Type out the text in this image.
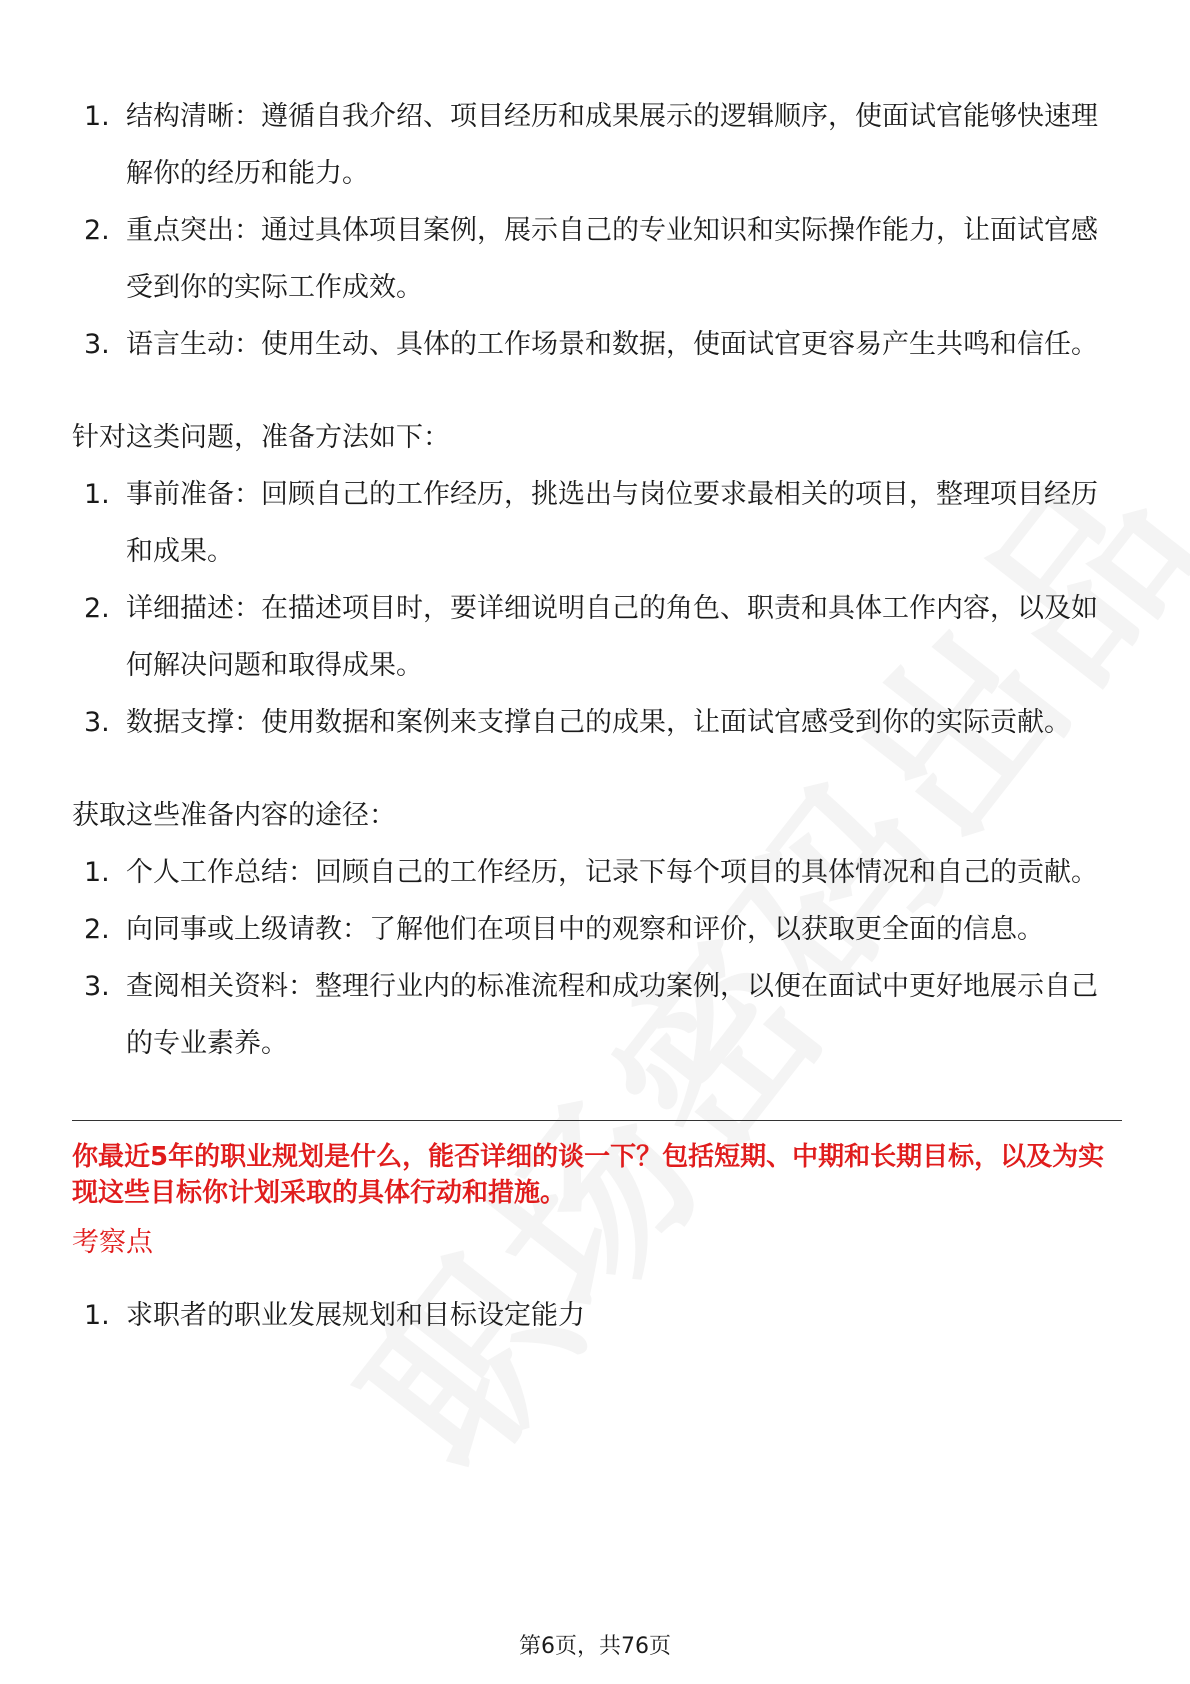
1. 结构清晰：遵循自我介绍、项目经历和成果展示的逻辑顺序，使面试官能够快速理解你的经历和能力。
2. 重点突出：通过具体项目案例，展示自己的专业知识和实际操作能力，让面试官感受到你的实际工作成效。
3. 语言生动：使用生动、具体的工作场景和数据，使面试官更容易产生共鸣和信任。
针对这类问题，准备方法如下：
1. 事前准备：回顾自己的工作经历，挑选出与岗位要求最相关的项目，整理项目经历和成果。
2. 详细描述：在描述项目时，要详细说明自己的角色、职责和具体工作内容，以及如何解决问题和取得成果。
3. 数据支撑：使用数据和案例来支撑自己的成果，让面试官感受到你的实际贡献。
获取这些准备内容的途径：
1. 个人工作总结：回顾自己的工作经历，记录下每个项目的具体情况和自己的贡献。
2. 向同事或上级请教：了解他们在项目中的观察和评价，以获取更全面的信息。
3. 查阅相关资料：整理行业内的标准流程和成功案例，以便在面试中更好地展示自己的专业素养。
你最近5年的职业规划是什么，能否详细的谈一下？包括短期、中期和长期目标，以及为实现这些目标你计划采取的具体行动和措施。
考察点
1. 求职者的职业发展规划和目标设定能力
第6页，共76页
